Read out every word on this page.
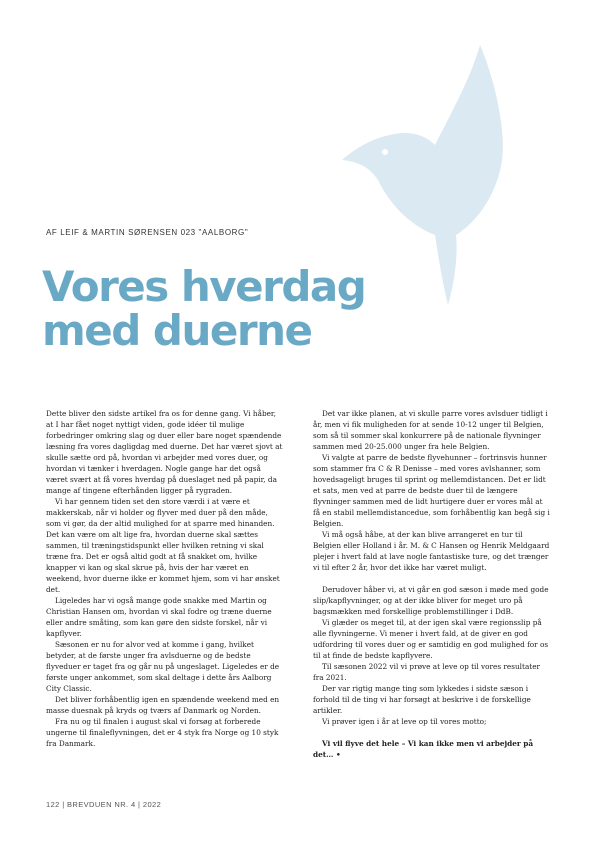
AF LEIF & MARTIN SØRENSEN 023 "AALBORG"
Vores hverdag
med duerne

Dette bliver den sidste artikel fra os for denne gang. Vi håber, at I har fået noget nyttigt viden, gode idéer til mulige forbedringer omkring slag og duer eller bare noget spændende læsning fra vores dagligdag med duerne. Det har været sjovt at skulle sætte ord på, hvordan vi arbejder med vores duer, og hvordan vi tænker i hverdagen. Nogle gange har det også været svært at få vores hverdag på dueslaget ned på papir, da mange af tingene efterhånden ligger på rygraden.

Vi har gennem tiden set den store værdi i at være et makkerskab, når vi holder og flyver med duer på den måde, som vi gør, da der altid mulighed for at sparre med hinanden. Det kan være om alt lige fra, hvordan duerne skal sættes sammen, til træningstidspunkt eller hvilken retning vi skal træne fra. Det er også altid godt at få snakket om, hvilke knapper vi kan og skal skrue på, hvis der har været en weekend, hvor duerne ikke er kommet hjem, som vi har ønsket det.

Ligeledes har vi også mange gode snakke med Martin og Christian Hansen om, hvordan vi skal fodre og træne duerne eller andre småting, som kan gøre den sidste forskel, når vi kapflyver.

Sæsonen er nu for alvor ved at komme i gang, hvilket betyder, at de første unger fra avlsduerne og de bedste flyveduer er taget fra og går nu på ungeslaget. Ligeledes er de første unger ankommet, som skal deltage i dette års Aalborg City Classic.

Det bliver forhåbentlig igen en spændende weekend med en masse duesnak på kryds og tværs af Danmark og Norden.

Fra nu og til finalen i august skal vi forsøg at forberede ungerne til finaleflyvningen, det er 4 styk fra Norge og 10 styk fra Danmark.

Det var ikke planen, at vi skulle parre vores avlsduer tidligt i år, men vi fik muligheden for at sende 10-12 unger til Belgien, som så til sommer skal konkurrere på de nationale flyvninger sammen med 20-25.000 unger fra hele Belgien.

Vi valgte at parre de bedste flyvehunner – fortrinsvis hunner som stammer fra C & R Denisse – med vores avlshanner, som hovedsageligt bruges til sprint og mellemdistancen. Det er lidt et sats, men ved at parre de bedste duer til de længere flyvninger sammen med de lidt hurtigere duer er vores mål at få en stabil mellemdistanceduе, som forhåbentlig kan begå sig i Belgien.

Vi må også håbe, at der kan blive arrangeret en tur til Belgien eller Holland i år. M. & C Hansen og Henrik Meldgaard plejer i hvert fald at lave nogle fantastiske ture, og det trænger vi til efter 2 år, hvor det ikke har været muligt.

Derudover håber vi, at vi går en god sæson i møde med gode slip/kapflyvninger, og at der ikke bliver for meget uro på bagsmækken med forskellige problemstillinger i DdB.

Vi glæder os meget til, at der igen skal være regionsslip på alle flyvningerne. Vi mener i hvert fald, at de giver en god udfordring til vores duer og er samtidig en god mulighed for os til at finde de bedste kapflyvere.

Til sæsonen 2022 vil vi prøve at leve op til vores resultater fra 2021.

Der var rigtig mange ting som lykkedes i sidste sæson i forhold til de ting vi har forsøgt at beskrive i de forskellige artikler.

Vi prøver igen i år at leve op til vores motto;

Vi vil flyve det hele – Vi kan ikke men vi arbejder på det… •

122 | BREVDUEN NR. 4 | 2022
